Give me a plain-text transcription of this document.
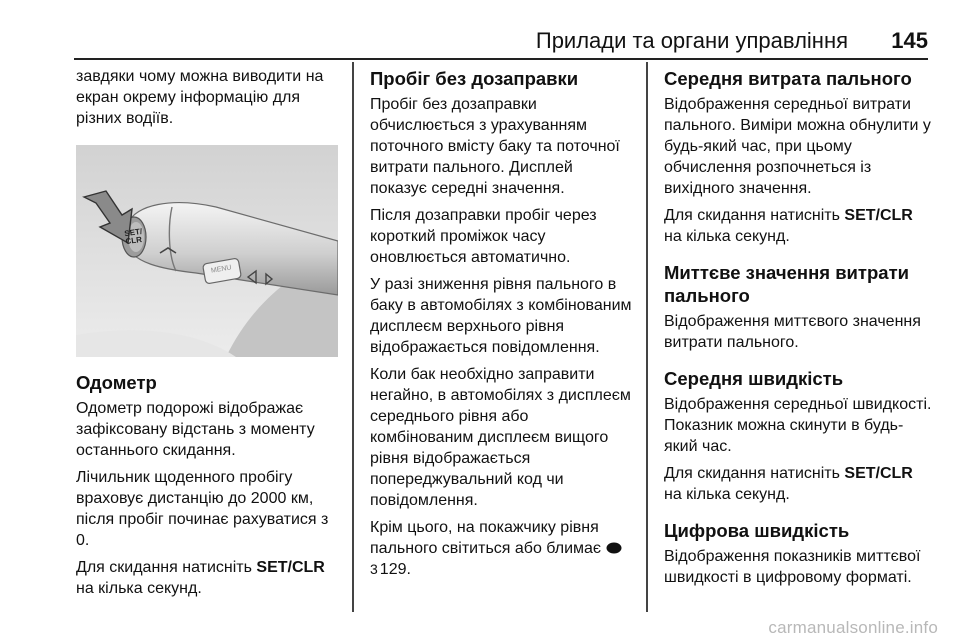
Прилади та органи управління 145

завдяки чому можна виводити на екран окрему інформацію для різних водіїв.

SET/
CLR
MENU
Одометр

Одометр подорожі відображає зафіксовану відстань з моменту останнього скидання.

Лічильник щоденного пробігу враховує дистанцію до 2000 км, після пробіг починає рахуватися з 0.

Для скидання натисніть SET/CLR на кілька секунд.

Пробіг без дозаправки

Пробіг без дозаправки обчислюється з урахуванням поточного вмісту баку та поточної витрати пального. Дисплей показує середні значення.

Після дозаправки пробіг через короткий проміжок часу оновлюється автоматично.

У разі зниження рівня пального в баку в автомобілях з комбінованим дисплеєм верхнього рівня відображається повідомлення.

Коли бак необхідно заправити негайно, в автомобілях з дисплеєм середнього рівня або комбінованим дисплеєм вищого рівня відображається попереджувальний код чи повідомлення.

Крім цього, на покажчику рівня пального світиться або блимає
3 129.

Середня витрата пального

Відображення середньої витрати пального. Виміри можна обнулити у будь-який час, при цьому обчислення розпочнеться із вихідного значення.

Для скидання натисніть SET/CLR на кілька секунд.

Миттєве значення витрати пального

Відображення миттєвого значення витрати пального.

Середня швидкість

Відображення середньої швидкості. Показник можна скинути в будь-який час.

Для скидання натисніть SET/CLR на кілька секунд.

Цифрова швидкість

Відображення показників миттєвої швидкості в цифровому форматі.

carmanualsonline.info
